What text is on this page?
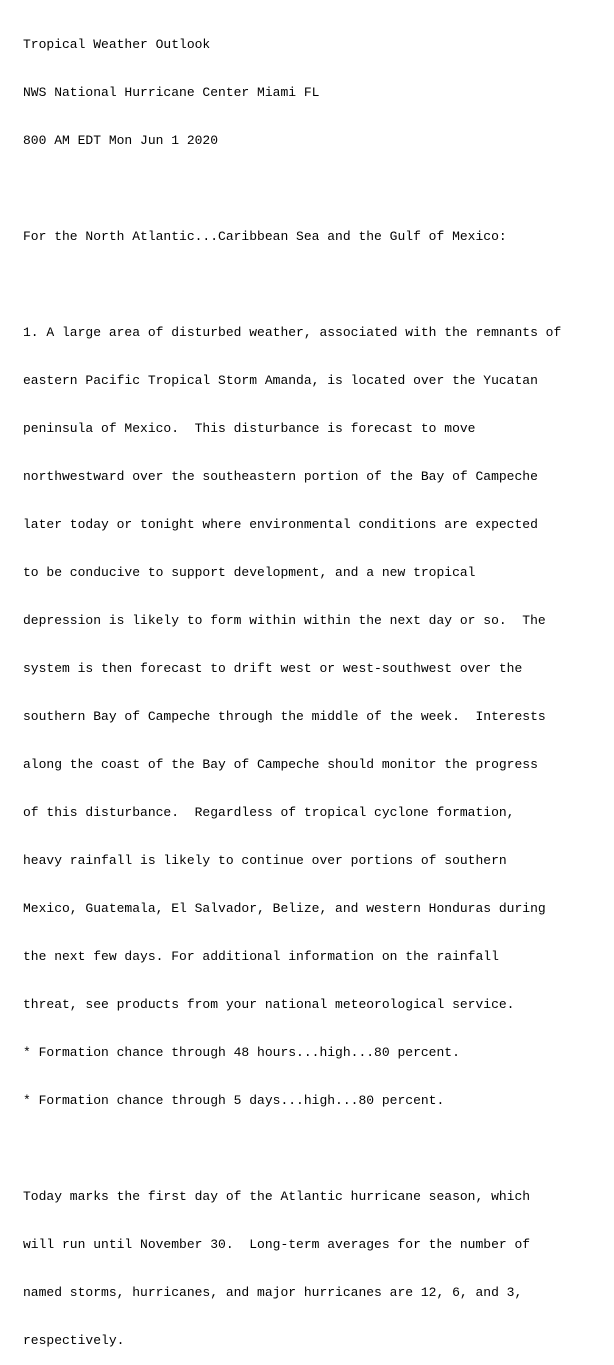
Tropical Weather Outlook

NWS National Hurricane Center Miami FL

800 AM EDT Mon Jun 1 2020

For the North Atlantic...Caribbean Sea and the Gulf of Mexico:

1. A large area of disturbed weather, associated with the remnants of

eastern Pacific Tropical Storm Amanda, is located over the Yucatan

peninsula of Mexico.  This disturbance is forecast to move

northwestward over the southeastern portion of the Bay of Campeche

later today or tonight where environmental conditions are expected

to be conducive to support development, and a new tropical

depression is likely to form within within the next day or so.  The

system is then forecast to drift west or west-southwest over the

southern Bay of Campeche through the middle of the week.  Interests

along the coast of the Bay of Campeche should monitor the progress

of this disturbance.  Regardless of tropical cyclone formation,

heavy rainfall is likely to continue over portions of southern

Mexico, Guatemala, El Salvador, Belize, and western Honduras during

the next few days. For additional information on the rainfall

threat, see products from your national meteorological service.

* Formation chance through 48 hours...high...80 percent.

* Formation chance through 5 days...high...80 percent.

Today marks the first day of the Atlantic hurricane season, which

will run until November 30.  Long-term averages for the number of

named storms, hurricanes, and major hurricanes are 12, 6, and 3,

respectively.
